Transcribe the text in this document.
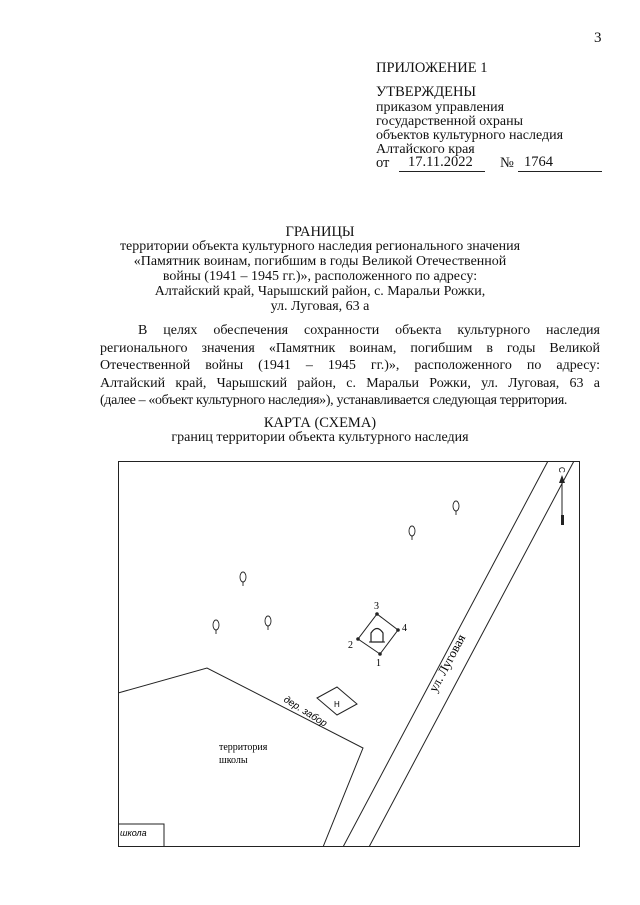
3
ПРИЛОЖЕНИЕ 1
УТВЕРЖДЕНЫ
приказом управления
государственной охраны
объектов культурного наследия
Алтайского края
от 17.11.2022 № 1764
ГРАНИЦЫ
территории объекта культурного наследия регионального значения
«Памятник воинам, погибшим в годы Великой Отечественной
войны (1941 – 1945 гг.)», расположенного по адресу:
Алтайский край, Чарышский район, с. Маральи Рожки,
ул. Луговая, 63 а
В целях обеспечения сохранности объекта культурного наследия
регионального значения «Памятник воинам, погибшим в годы Великой
Отечественной войны (1941 – 1945 гг.)», расположенного по адресу:
Алтайский край, Чарышский район, с. Маральи Рожки, ул. Луговая, 63 а
(далее – «объект культурного наследия»), устанавливается следующая территория.
КАРТА (СХЕМА)
границ территории объекта культурного наследия
ул. Луговая
С
3
4
2
1
Н
дер. забор
территория
школы
школа
